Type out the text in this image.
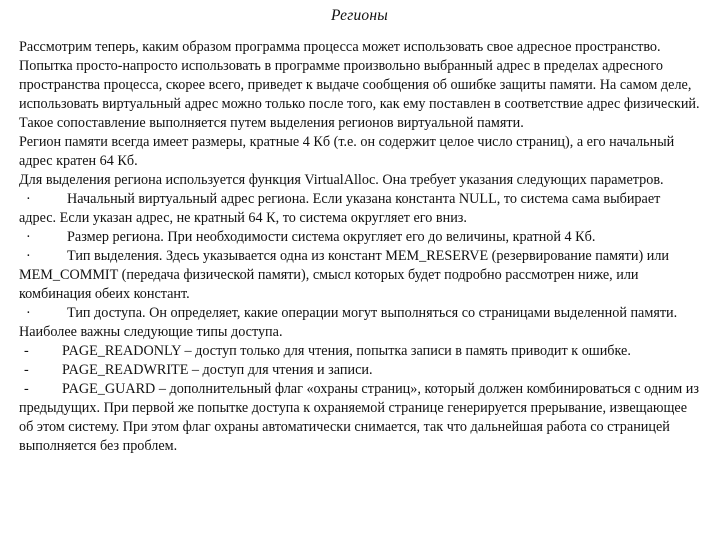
Регионы

Рассмотрим теперь, каким образом программа процесса может использовать свое адресное пространство.

Попытка просто-напросто использовать в программе произвольно выбранный адрес в пределах адресного пространства процесса, скорее всего, приведет к выдаче сообщения об ошибке защиты памяти. На самом деле, использовать виртуальный адрес можно только после того, как ему поставлен в соответствие адрес физический. Такое сопоставление выполняется путем выделения регионов виртуальной памяти.

Регион памяти всегда имеет размеры, кратные 4 Кб (т.е. он содержит целое число страниц), а его начальный адрес кратен 64 Кб.

Для выделения региона используется функция VirtualAlloc. Она требует указания следующих параметров.

·	Начальный виртуальный адрес региона. Если указана константа NULL, то система сама выбирает адрес. Если указан адрес, не кратный 64 К, то система округляет его вниз.

·	Размер региона. При необходимости система округляет его до величины, кратной 4 Кб.

·	Тип выделения. Здесь указывается одна из констант MEM_RESERVE (резервирование памяти) или MEM_COMMIT (передача физической памяти), смысл которых будет подробно рассмотрен ниже, или комбинация обеих констант.

·	Тип доступа. Он определяет, какие операции могут выполняться со страницами выделенной памяти. Наиболее важны следующие типы доступа.

- PAGE_READONLY – доступ только для чтения, попытка записи в память приводит к ошибке.

- PAGE_READWRITE – доступ для чтения и записи.

- PAGE_GUARD – дополнительный флаг «охраны страниц», который должен комбинироваться с одним из предыдущих. При первой же попытке доступа к охраняемой странице генерируется прерывание, извещающее об этом систему. При этом флаг охраны автоматически снимается, так что дальнейшая работа со страницей выполняется без проблем.
